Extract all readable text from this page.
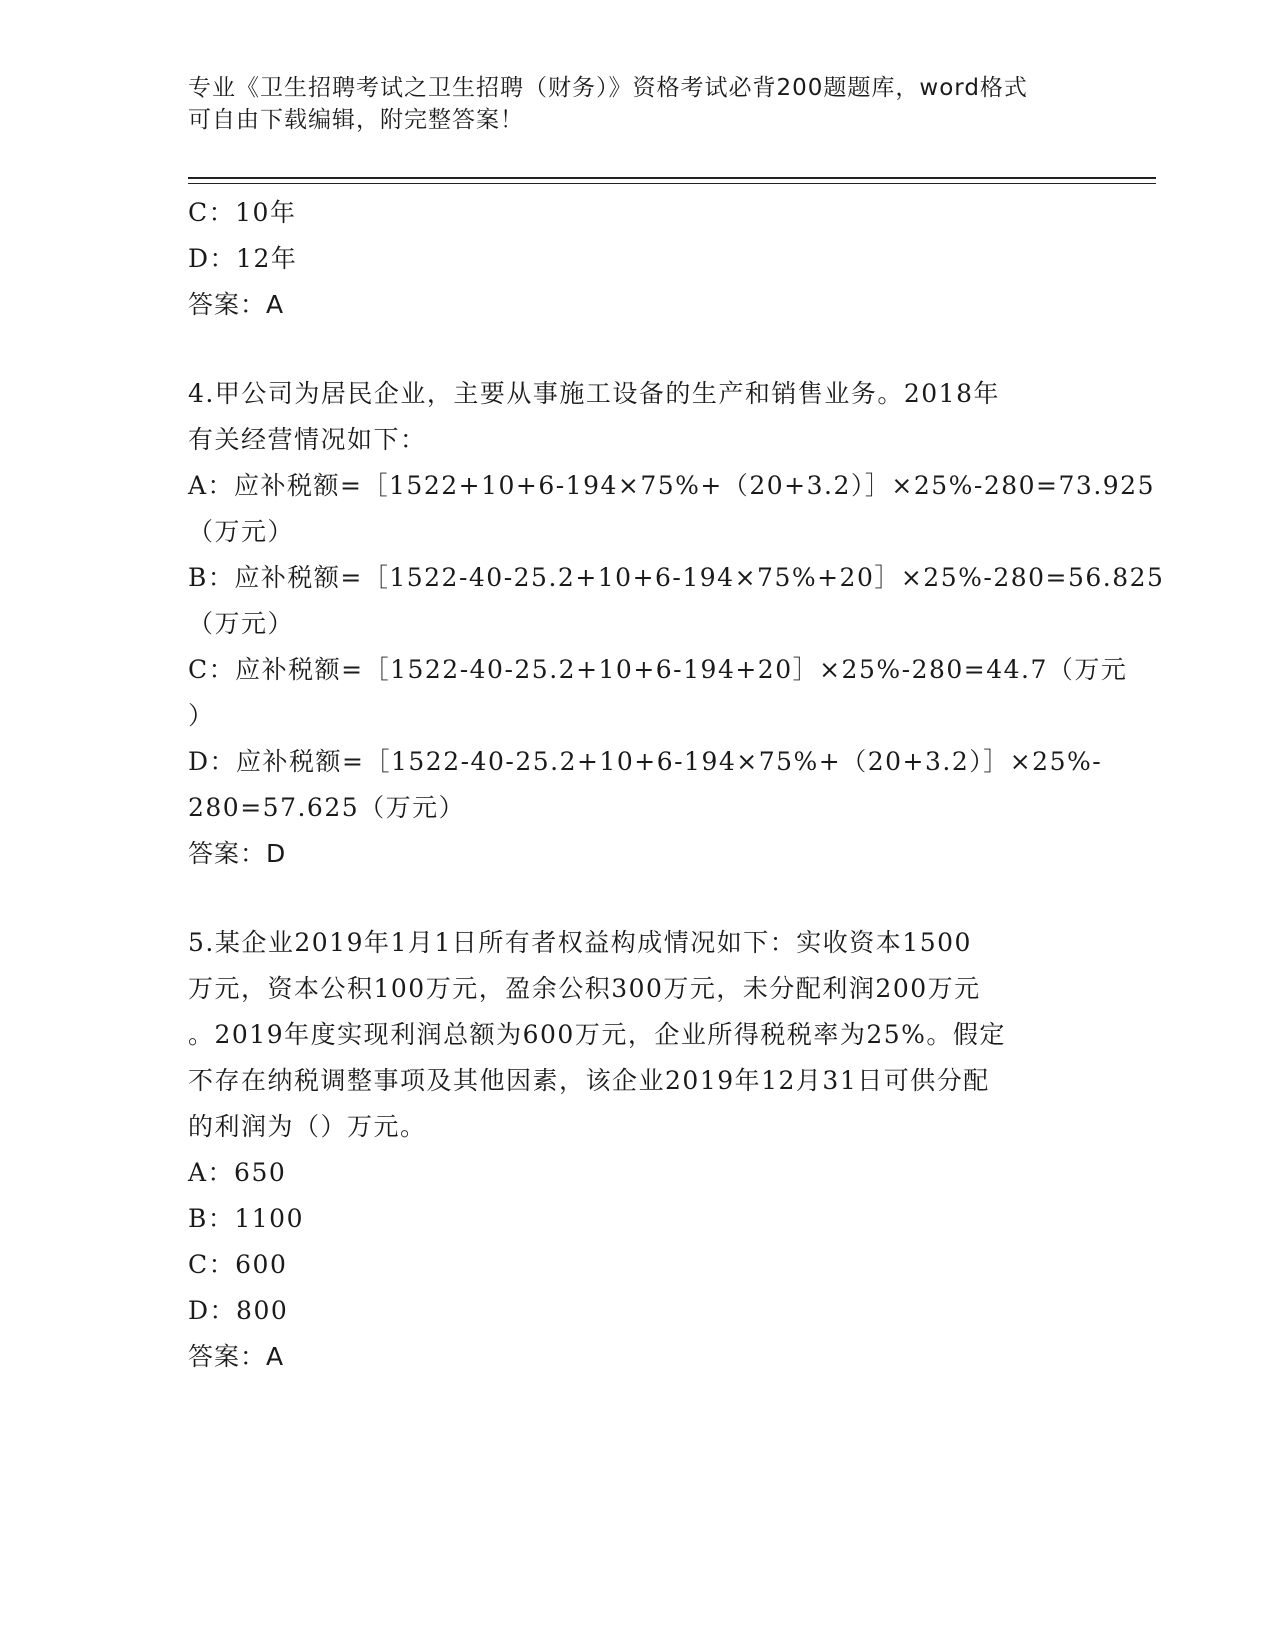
专业《卫生招聘考试之卫生招聘（财务）》资格考试必背200题题库，word格式
可自由下载编辑，附完整答案！
C：10年
D：12年
答案：A
4.甲公司为居民企业，主要从事施工设备的生产和销售业务。2018年
有关经营情况如下：
A：应补税额=［1522+10+6-194×75%+（20+3.2）］×25%-280=73.925
（万元）
B：应补税额=［1522-40-25.2+10+6-194×75%+20］×25%-280=56.825
（万元）
C：应补税额=［1522-40-25.2+10+6-194+20］×25%-280=44.7（万元
）
D：应补税额=［1522-40-25.2+10+6-194×75%+（20+3.2）］×25%-
280=57.625（万元）
答案：D
5.某企业2019年1月1日所有者权益构成情况如下：实收资本1500
万元，资本公积100万元，盈余公积300万元，未分配利润200万元
。2019年度实现利润总额为600万元，企业所得税税率为25%。假定
不存在纳税调整事项及其他因素，该企业2019年12月31日可供分配
的利润为（）万元。
A：650
B：1100
C：600
D：800
答案：A
